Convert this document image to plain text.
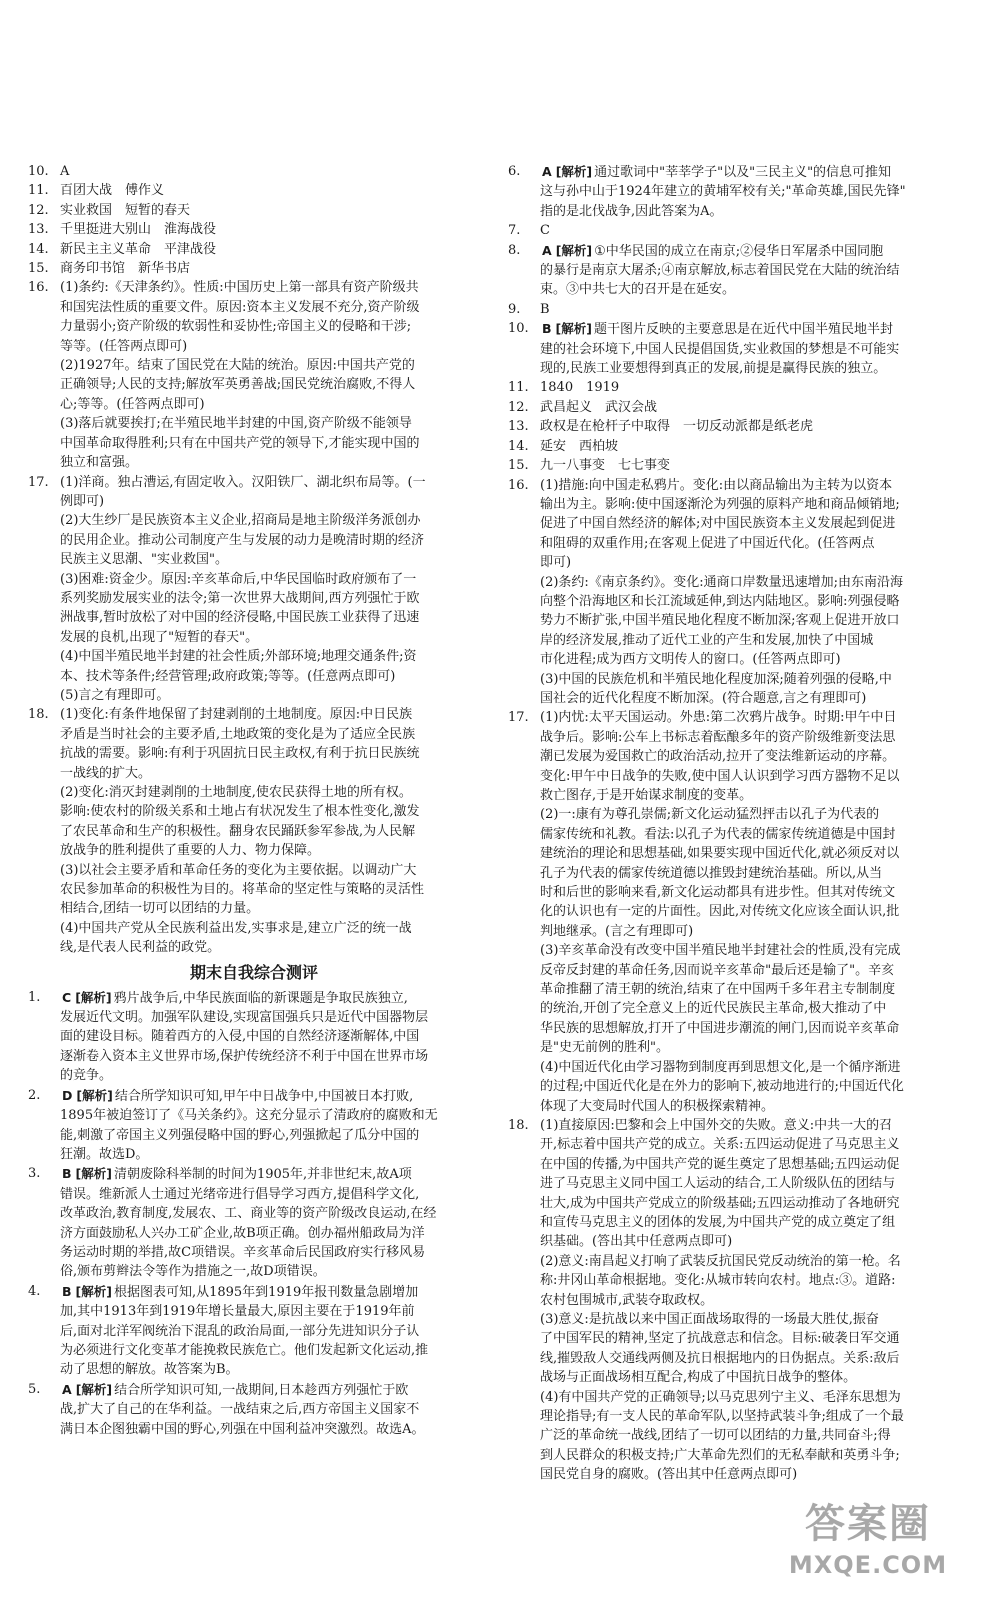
10. A
11. 百团大战　傅作义
12. 实业救国　短暂的春天
13. 千里挺进大别山　淮海战役
14. 新民主主义革命　平津战役
15. 商务印书馆　新华书店
16. (1)条约:《天津条约》。性质:中国历史上第一部具有资产阶级共
和国宪法性质的重要文件。原因:资本主义发展不充分,资产阶级
力量弱小;资产阶级的软弱性和妥协性;帝国主义的侵略和干涉;
等等。(任答两点即可)
(2)1927年。结束了国民党在大陆的统治。原因:中国共产党的
正确领导;人民的支持;解放军英勇善战;国民党统治腐败,不得人
心;等等。(任答两点即可)
(3)落后就要挨打;在半殖民地半封建的中国,资产阶级不能领导
中国革命取得胜利;只有在中国共产党的领导下,才能实现中国的
独立和富强。
17. (1)洋商。独占漕运,有固定收入。汉阳铁厂、湖北织布局等。(一
例即可)
(2)大生纱厂是民族资本主义企业,招商局是地主阶级洋务派创办
的民用企业。推动公司制度产生与发展的动力是晚清时期的经济
民族主义思潮、"实业救国"。
(3)困难:资金少。原因:辛亥革命后,中华民国临时政府颁布了一
系列奖励发展实业的法令;第一次世界大战期间,西方列强忙于欧
洲战事,暂时放松了对中国的经济侵略,中国民族工业获得了迅速
发展的良机,出现了"短暂的春天"。
(4)中国半殖民地半封建的社会性质;外部环境;地理交通条件;资
本、技术等条件;经营管理;政府政策;等等。(任意两点即可)
(5)言之有理即可。
18. (1)变化:有条件地保留了封建剥削的土地制度。原因:中日民族
矛盾是当时社会的主要矛盾,土地政策的变化是为了适应全民族
抗战的需要。影响:有利于巩固抗日民主政权,有利于抗日民族统
一战线的扩大。
(2)变化:消灭封建剥削的土地制度,使农民获得土地的所有权。
影响:使农村的阶级关系和土地占有状况发生了根本性变化,激发
了农民革命和生产的积极性。翻身农民踊跃参军参战,为人民解
放战争的胜利提供了重要的人力、物力保障。
(3)以社会主要矛盾和革命任务的变化为主要依据。以调动广大
农民参加革命的积极性为目的。将革命的坚定性与策略的灵活性
相结合,团结一切可以团结的力量。
(4)中国共产党从全民族利益出发,实事求是,建立广泛的统一战
线,是代表人民利益的政党。
期末自我综合测评
1.	C [解析] 鸦片战争后,中华民族面临的新课题是争取民族独立,
发展近代文明。加强军队建设,实现富国强兵只是近代中国器物层
面的建设目标。随着西方的入侵,中国的自然经济逐渐解体,中国
逐渐卷入资本主义世界市场,保护传统经济不利于中国在世界市场
的竞争。
2.	D [解析] 结合所学知识可知,甲午中日战争中,中国被日本打败,
1895年被迫签订了《马关条约》。这充分显示了清政府的腐败和无
能,刺激了帝国主义列强侵略中国的野心,列强掀起了瓜分中国的
狂潮。故选D。
3.	B [解析] 清朝废除科举制的时间为1905年,并非世纪末,故A项
错误。维新派人士通过光绪帝进行倡导学习西方,提倡科学文化,
改革政治,教育制度,发展农、工、商业等的资产阶级改良运动,在经
济方面鼓励私人兴办工矿企业,故B项正确。创办福州船政局为洋
务运动时期的举措,故C项错误。辛亥革命后民国政府实行移风易
俗,颁布剪辫法令等作为措施之一,故D项错误。
4.	B [解析] 根据图表可知,从1895年到1919年报刊数量急剧增加
加,其中1913年到1919年增长量最大,原因主要在于1919年前
后,面对北洋军阀统治下混乱的政治局面,一部分先进知识分子认
为必须进行文化变革才能挽救民族危亡。他们发起新文化运动,推
动了思想的解放。故答案为B。
5.	A [解析] 结合所学知识可知,一战期间,日本趁西方列强忙于欧
战,扩大了自己的在华利益。一战结束之后,西方帝国主义国家不
满日本企图独霸中国的野心,列强在中国利益冲突激烈。故选A。
6.	A [解析] 通过歌词中"莘莘学子"以及"三民主义"的信息可推知
这与孙中山于1924年建立的黄埔军校有关;"革命英雄,国民先锋"
指的是北伐战争,因此答案为A。
7.	C
8.	A [解析] ①中华民国的成立在南京;②侵华日军屠杀中国同胞
的暴行是南京大屠杀;④南京解放,标志着国民党在大陆的统治结
束。③中共七大的召开是在延安。
9.	B
10.	B [解析] 题干图片反映的主要意思是在近代中国半殖民地半封
建的社会环境下,中国人民提倡国货,实业救国的梦想是不可能实
现的,民族工业要想得到真正的发展,前提是赢得民族的独立。
11. 1840　1919
12. 武昌起义　武汉会战
13. 政权是在枪杆子中取得　一切反动派都是纸老虎
14. 延安　西柏坡
15. 九一八事变　七七事变
16. (1)措施:向中国走私鸦片。变化:由以商品输出为主转为以资本
输出为主。影响:使中国逐渐沦为列强的原料产地和商品倾销地;
促进了中国自然经济的解体;对中国民族资本主义发展起到促进
和阻碍的双重作用;在客观上促进了中国近代化。(任答两点
即可)
(2)条约:《南京条约》。变化:通商口岸数量迅速增加;由东南沿海
向整个沿海地区和长江流域延伸,到达内陆地区。影响:列强侵略
势力不断扩张,中国半殖民地化程度不断加深;客观上促进开放口
岸的经济发展,推动了近代工业的产生和发展,加快了中国城
市化进程;成为西方文明传人的窗口。(任答两点即可)
(3)中国的民族危机和半殖民地化程度加深;随着列强的侵略,中
国社会的近代化程度不断加深。(符合题意,言之有理即可)
17. (1)内忧:太平天国运动。外患:第二次鸦片战争。时期:甲午中日
战争后。影响:公车上书标志着酝酿多年的资产阶级维新变法思
潮已发展为爱国救亡的政治活动,拉开了变法维新运动的序幕。
变化:甲午中日战争的失败,使中国人认识到学习西方器物不足以
救亡图存,于是开始谋求制度的变革。
(2)一:康有为尊孔崇儒;新文化运动猛烈抨击以孔子为代表的
儒家传统和礼教。看法:以孔子为代表的儒家传统道德是中国封
建统治的理论和思想基础,如果要实现中国近代化,就必须反对以
孔子为代表的儒家传统道德以推毁封建统治基础。所以,从当
时和后世的影响来看,新文化运动都具有进步性。但其对传统文
化的认识也有一定的片面性。因此,对传统文化应该全面认识,批
判地继承。(言之有理即可)
(3)辛亥革命没有改变中国半殖民地半封建社会的性质,没有完成
反帝反封建的革命任务,因而说辛亥革命"最后还是输了"。辛亥
革命推翻了清王朝的统治,结束了在中国两千多年君主专制制度
的统治,开创了完全意义上的近代民族民主革命,极大推动了中
华民族的思想解放,打开了中国进步潮流的闸门,因而说辛亥革命
是"史无前例的胜利"。
(4)中国近代化由学习器物到制度再到思想文化,是一个循序渐进
的过程;中国近代化是在外力的影响下,被动地进行的;中国近代化
体现了大变局时代国人的积极探索精神。
18. (1)直接原因:巴黎和会上中国外交的失败。意义:中共一大的召
开,标志着中国共产党的成立。关系:五四运动促进了马克思主义
在中国的传播,为中国共产党的诞生奠定了思想基础;五四运动促
进了马克思主义同中国工人运动的结合,工人阶级队伍的团结与
壮大,成为中国共产党成立的阶级基础;五四运动推动了各地研究
和宣传马克思主义的团体的发展,为中国共产党的成立奠定了组
织基础。(答出其中任意两点即可)
(2)意义:南昌起义打响了武装反抗国民党反动统治的第一枪。名
称:井冈山革命根据地。变化:从城市转向农村。地点:③。道路:
农村包围城市,武装夺取政权。
(3)意义:是抗战以来中国正面战场取得的一场最大胜仗,振奋
了中国军民的精神,坚定了抗战意志和信念。目标:破袭日军交通
线,摧毁敌人交通线两侧及抗日根据地内的日伪据点。关系:敌后
战场与正面战场相互配合,构成了中国抗日战争的整体。
(4)有中国共产党的正确领导;以马克思列宁主义、毛泽东思想为
理论指导;有一支人民的革命军队,以坚持武装斗争;组成了一个最
广泛的革命统一战线,团结了一切可以团结的力量,共同奋斗;得
到人民群众的积极支持;广大革命先烈们的无私奉献和英勇斗争;
国民党自身的腐败。(答出其中任意两点即可)
答案圈
MXQE.COM
